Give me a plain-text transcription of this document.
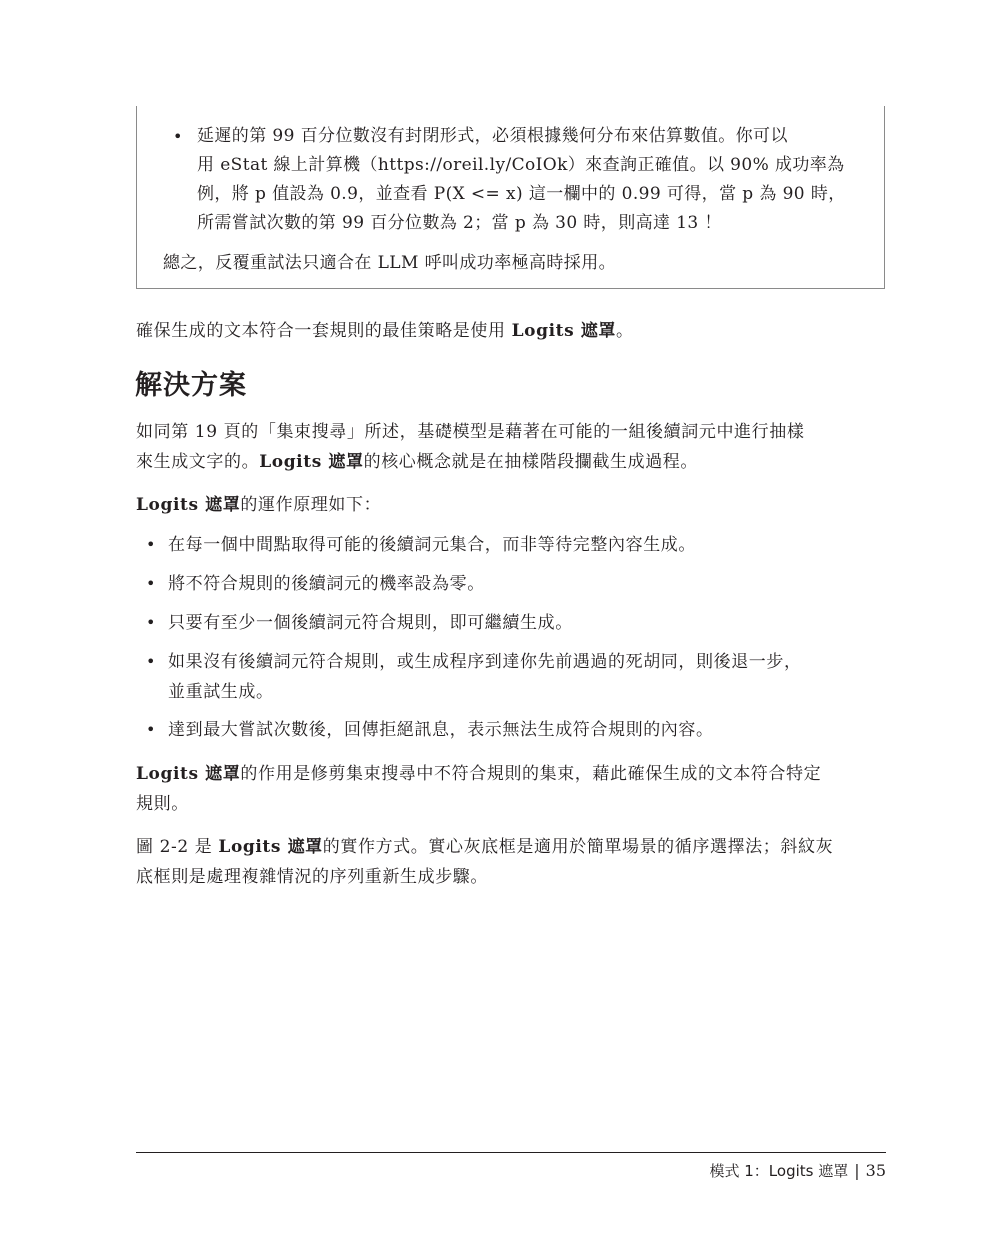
• 延遲的第 99 百分位數沒有封閉形式，必須根據幾何分布來估算數值。你可以
用 eStat 線上計算機（https://oreil.ly/CoIOk）來查詢正確值。以 90% 成功率為
例，將 p 值設為 0.9，並查看 P(X <= x) 這一欄中的 0.99 可得，當 p 為 90 時，
所需嘗試次數的第 99 百分位數為 2；當 p 為 30 時，則高達 13 ！
總之，反覆重試法只適合在 LLM 呼叫成功率極高時採用。
確保生成的文本符合一套規則的最佳策略是使用 Logits 遮罩。
解決方案
如同第 19 頁的「集束搜尋」所述，基礎模型是藉著在可能的一組後續詞元中進行抽樣
來生成文字的。Logits 遮罩的核心概念就是在抽樣階段攔截生成過程。
Logits 遮罩的運作原理如下：
• 在每一個中間點取得可能的後續詞元集合，而非等待完整內容生成。
• 將不符合規則的後續詞元的機率設為零。
• 只要有至少一個後續詞元符合規則，即可繼續生成。
• 如果沒有後續詞元符合規則，或生成程序到達你先前遇過的死胡同，則後退一步，
並重試生成。
• 達到最大嘗試次數後，回傳拒絕訊息，表示無法生成符合規則的內容。
Logits 遮罩的作用是修剪集束搜尋中不符合規則的集束，藉此確保生成的文本符合特定
規則。
圖 2-2 是 Logits 遮罩的實作方式。實心灰底框是適用於簡單場景的循序選擇法；斜紋灰
底框則是處理複雜情況的序列重新生成步驟。
模式 1：Logits 遮罩 | 35
